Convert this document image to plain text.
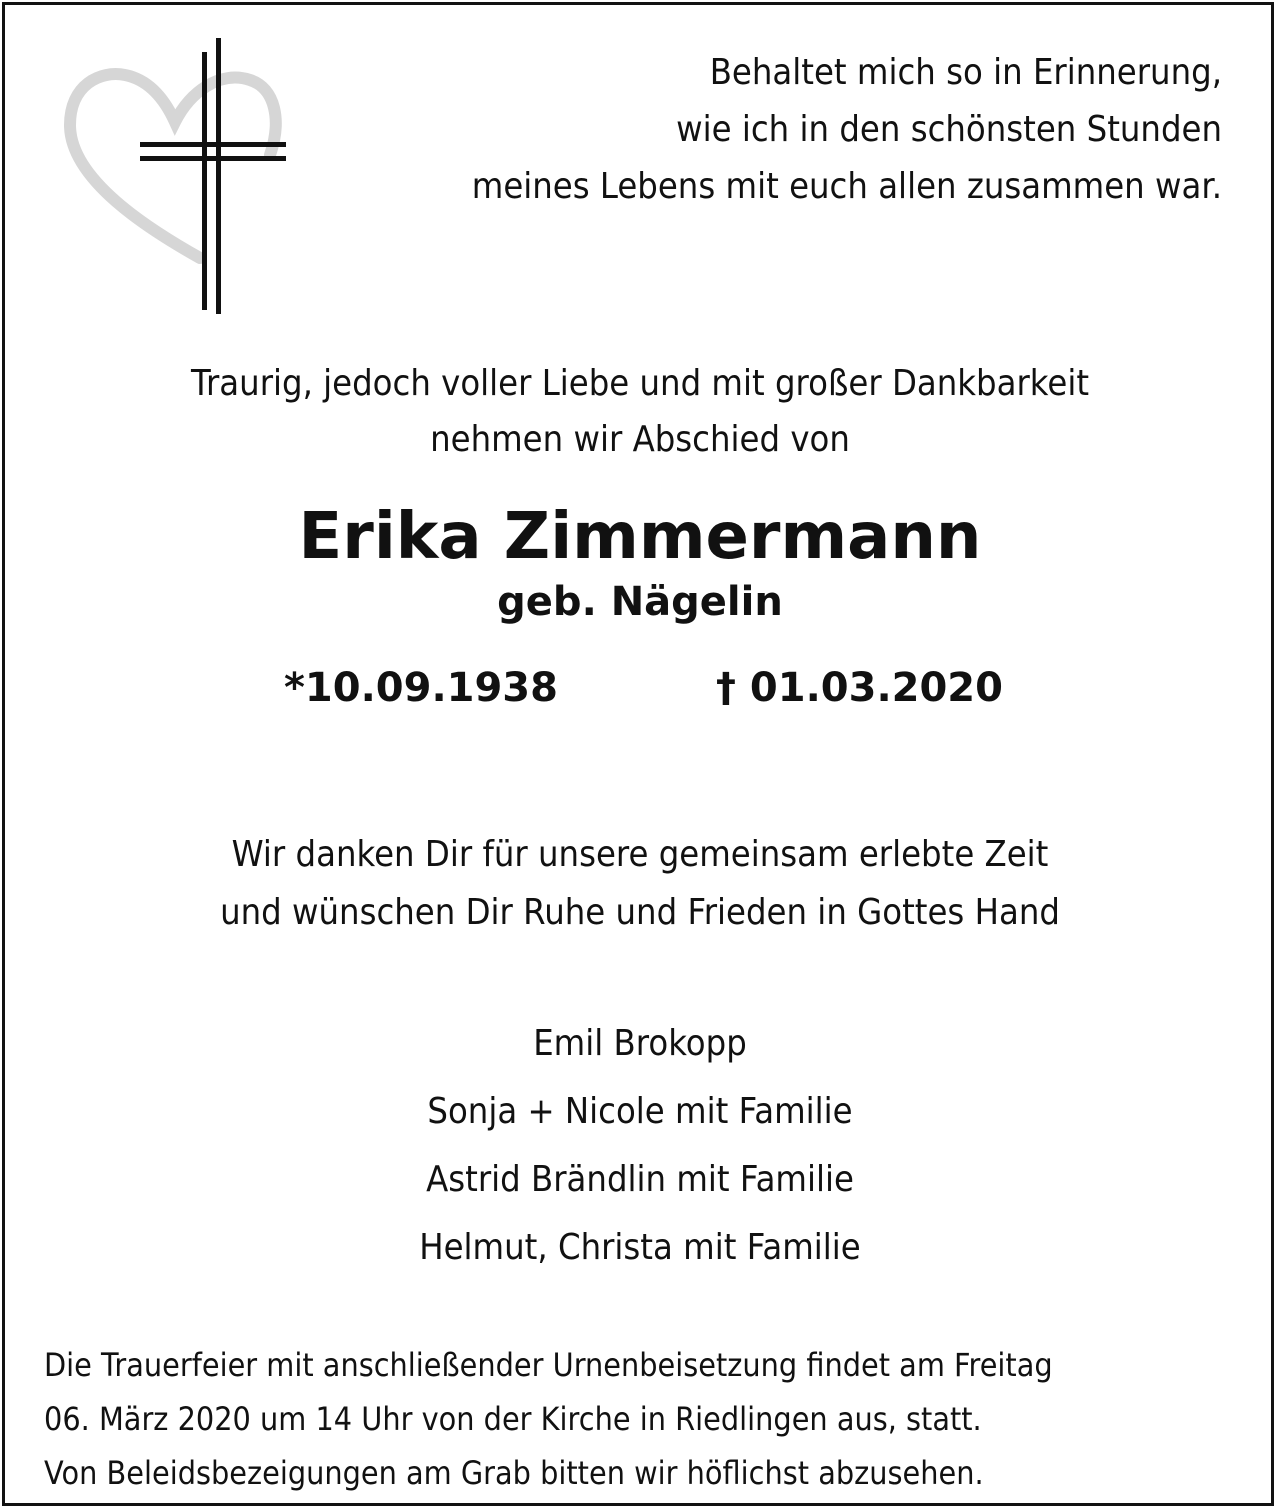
Behaltet mich so in Erinnerung,
wie ich in den schönsten Stunden
meines Lebens mit euch allen zusammen war.
Traurig, jedoch voller Liebe und mit großer Dankbarkeit
nehmen wir Abschied von
Erika Zimmermann
geb. Nägelin
*10.09.1938	† 01.03.2020
Wir danken Dir für unsere gemeinsam erlebte Zeit
und wünschen Dir Ruhe und Frieden in Gottes Hand
Emil Brokopp
Sonja + Nicole mit Familie
Astrid Brändlin mit Familie
Helmut, Christa mit Familie
Die Trauerfeier mit anschließender Urnenbeisetzung findet am Freitag
06. März 2020 um 14 Uhr von der Kirche in Riedlingen aus, statt.
Von Beleidsbezeigungen am Grab bitten wir höflichst abzusehen.
